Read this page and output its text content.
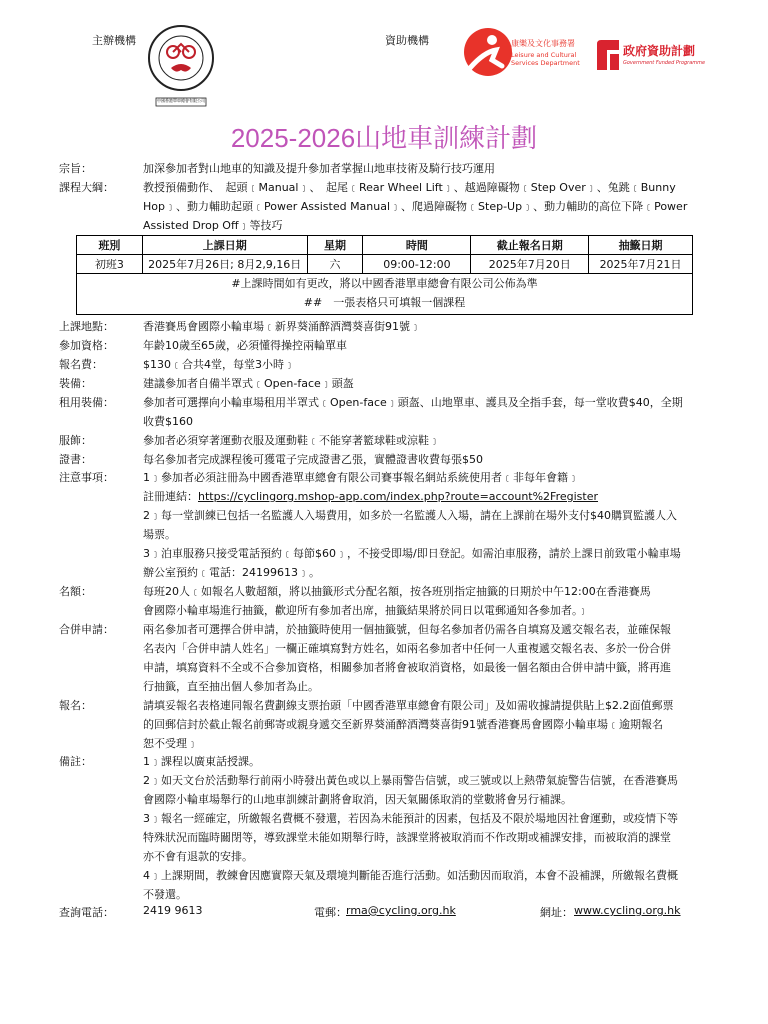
主辦機構
中國香港單車總會有限公司
資助機構	康樂及文化事務署
Leisure and Cultural
Services Department
政府資助計劃
Government Funded Programme
2025-2026山地車訓練計劃
宗旨：	加深參加者對山地車的知識及提升參加者掌握山地車技術及騎行技巧運用
課程大綱：	教授預備動作、　起頭﹝Manual﹞、　起尾﹝Rear Wheel Lift﹞、越過障礙物﹝Step Over﹞、兔跳﹝Bunny
Hop﹞、動力輔助起頭﹝Power Assisted Manual﹞、爬過障礙物﹝Step-Up﹞、動力輔助的高位下降﹝Power
Assisted Drop Off﹞等技巧
班別	上課日期	星期	時間	截止報名日期	抽籤日期
初班3	2025年7月26日; 8月2,9,16日	六	09:00-12:00	2025年7月20日	2025年7月21日
#上課時間如有更改，將以中國香港單車總會有限公司公佈為準
##　一張表格只可填報一個課程
上課地點：	香港賽馬會國際小輪車場﹝新界葵涌醉酒灣葵喜街91號﹞
參加資格：	年齡10歲至65歲，必須懂得操控兩輪單車
報名費：	$130﹝合共4堂，每堂3小時﹞
裝備：	建議參加者自備半罩式﹝Open-face﹞頭盔
租用裝備：	參加者可選擇向小輪車場租用半罩式﹝Open-face﹞頭盔、山地單車、護具及全指手套，每一堂收費$40，全期
收費$160
服飾：	參加者必須穿著運動衣服及運動鞋﹝不能穿著籃球鞋或涼鞋﹞
證書：	每名參加者完成課程後可獲電子完成證書乙張，實體證書收費每張$50
注意事項：	1﹞參加者必須註冊為中國香港單車總會有限公司賽事報名網站系統使用者﹝非每年會籍﹞
註冊連結：https://cyclingorg.mshop-app.com/index.php?route=account%2Fregister
2﹞每一堂訓練已包括一名監護人入場費用，如多於一名監護人入場，請在上課前在場外支付$40購買監護人入
場票。
3﹞泊車服務只接受電話預約﹝每節$60﹞，不接受即場/即日登記。如需泊車服務，請於上課日前致電小輪車場
辦公室預約﹝電話：24199613﹞。
名額：	每班20人﹝如報名人數超額，將以抽籤形式分配名額，按各班別指定抽籤的日期於中午12:00在香港賽馬
會國際小輪車場進行抽籤，歡迎所有參加者出席，抽籤結果將於同日以電郵通知各參加者。﹞
合併申請：	兩名參加者可選擇合併申請，於抽籤時使用一個抽籤號，但每名參加者仍需各自填寫及遞交報名表，並確保報
名表內「合併申請人姓名」一欄正確填寫對方姓名，如兩名參加者中任何一人重複遞交報名表、多於一份合併
申請，填寫資料不全或不合參加資格，相關參加者將會被取消資格，如最後一個名額由合併申請中籤，將再進
行抽籤，直至抽出個人參加者為止。
報名：	請填妥報名表格連同報名費劃線支票抬頭「中國香港單車總會有限公司」及如需收據請提供貼上$2.2面值郵票
的回郵信封於截止報名前郵寄或親身遞交至新界葵涌醉酒灣葵喜街91號香港賽馬會國際小輪車場﹝逾期報名
恕不受理﹞
備註：	1﹞課程以廣東話授課。
2﹞如天文台於活動舉行前兩小時發出黃色或以上暴雨警告信號，或三號或以上熱帶氣旋警告信號，在香港賽馬
會國際小輪車場舉行的山地車訓練計劃將會取消，因天氣關係取消的堂數將會另行補課。
3﹞報名一經確定，所繳報名費概不發還，若因為未能預計的因素，包括及不限於場地因社會運動，或疫情下等
特殊狀況而臨時關閉等，導致課堂未能如期舉行時，該課堂將被取消而不作改期或補課安排，而被取消的課堂
亦不會有退款的安排。
4﹞上課期間，教練會因應實際天氣及環境判斷能否進行活動。如活動因而取消，本會不設補課，所繳報名費概
不發還。
查詢電話：	2419 9613	電郵： rma@cycling.org.hk	網址： www.cycling.org.hk
